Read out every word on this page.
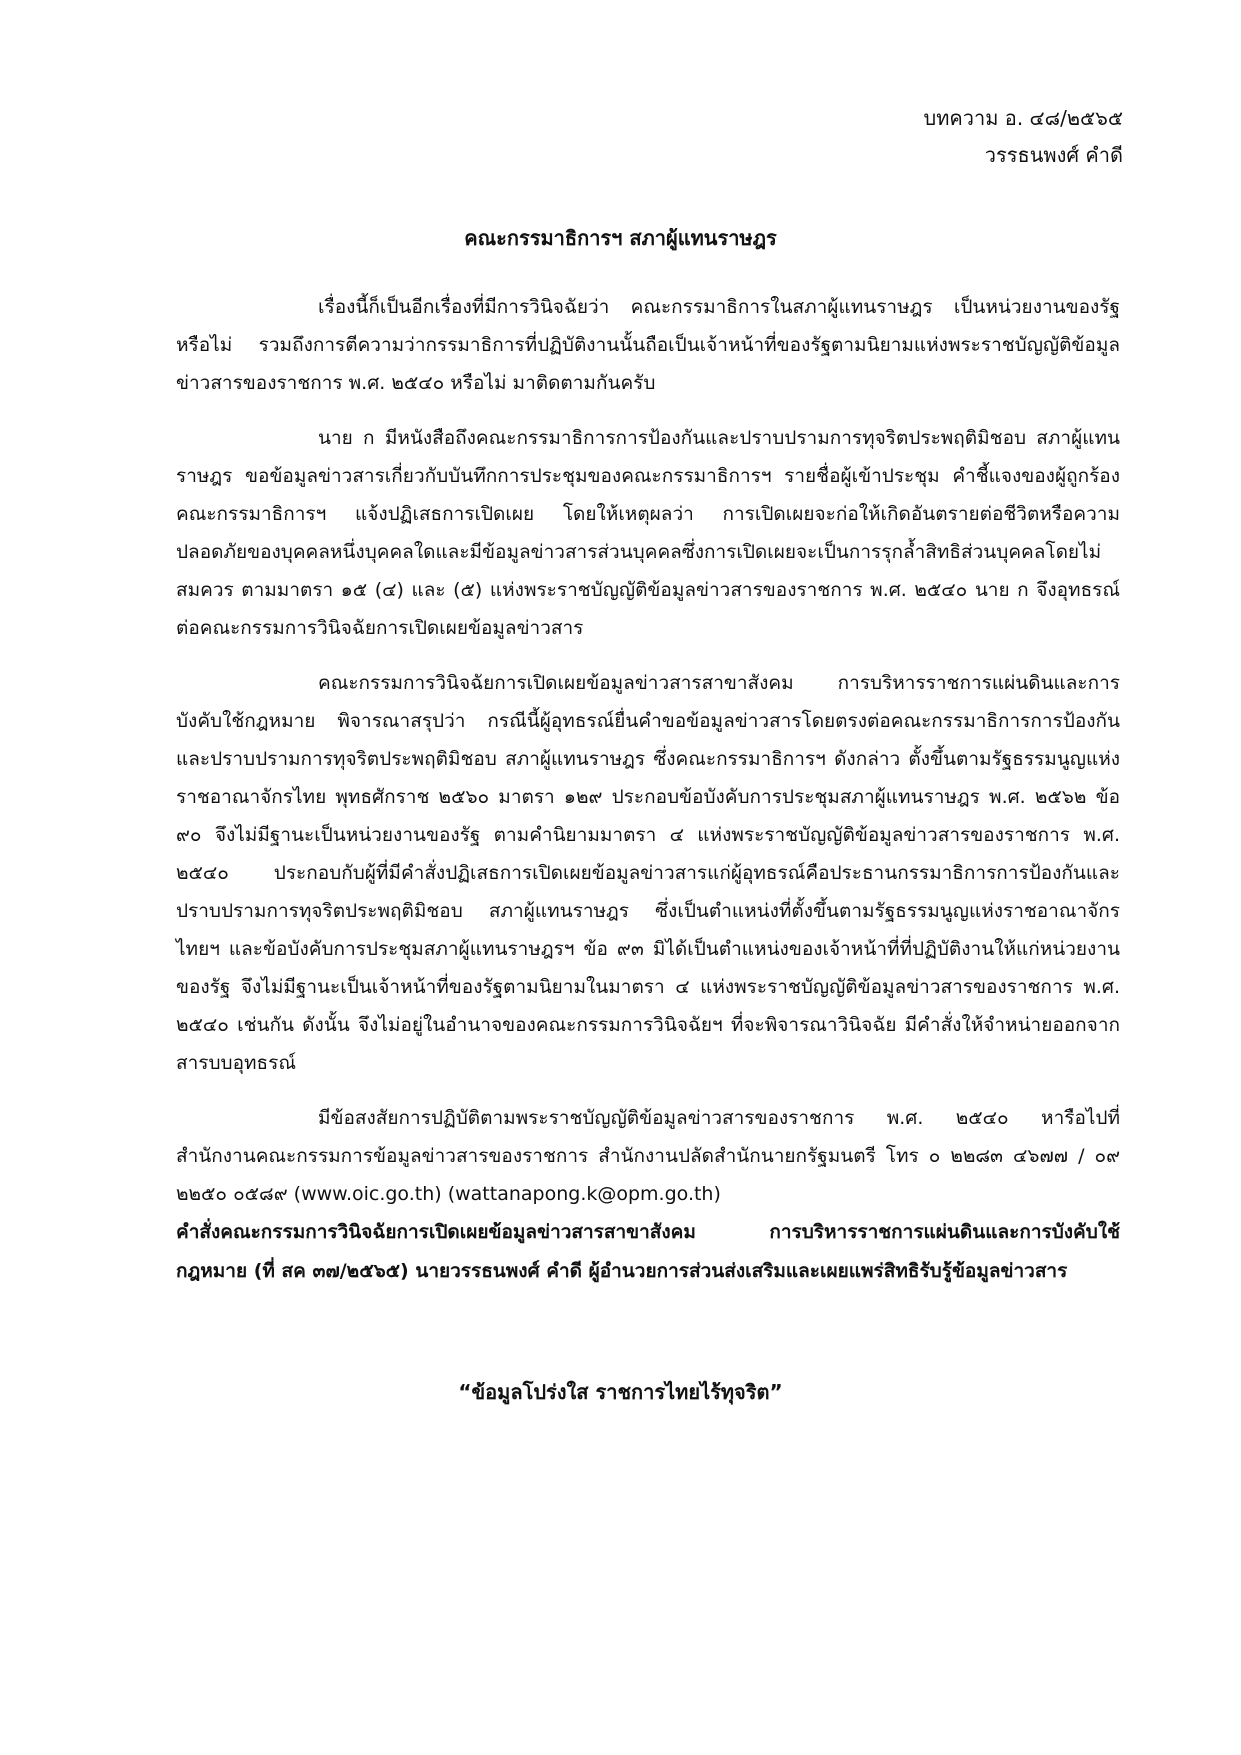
บทความ อ. ๔๘/๒๕๖๕
วรรธนพงศ์ คำดี
คณะกรรมาธิการฯ สภาผู้แทนราษฎร

เรื่องนี้ก็เป็นอีกเรื่องที่มีการวินิจฉัยว่า คณะกรรมาธิการในสภาผู้แทนราษฎร เป็นหน่วยงานของรัฐหรือไม่ รวมถึงการตีความว่ากรรมาธิการที่ปฏิบัติงานนั้นถือเป็นเจ้าหน้าที่ของรัฐตามนิยามแห่งพระราชบัญญัติข้อมูลข่าวสารของราชการ พ.ศ. ๒๕๔๐ หรือไม่ มาติดตามกันครับ

นาย ก มีหนังสือถึงคณะกรรมาธิการการป้องกันและปราบปรามการทุจริตประพฤติมิชอบ สภาผู้แทนราษฎร ขอข้อมูลข่าวสารเกี่ยวกับบันทึกการประชุมของคณะกรรมาธิการฯ รายชื่อผู้เข้าประชุม คำชี้แจงของผู้ถูกร้อง คณะกรรมาธิการฯ แจ้งปฏิเสธการเปิดเผย โดยให้เหตุผลว่า การเปิดเผยจะก่อให้เกิดอันตรายต่อชีวิตหรือความปลอดภัยของบุคคลหนึ่งบุคคลใดและมีข้อมูลข่าวสารส่วนบุคคลซึ่งการเปิดเผยจะเป็นการรุกล้ำสิทธิส่วนบุคคลโดยไม่สมควร ตามมาตรา ๑๕ (๔) และ (๕) แห่งพระราชบัญญัติข้อมูลข่าวสารของราชการ พ.ศ. ๒๕๔๐ นาย ก จึงอุทธรณ์ต่อคณะกรรมการวินิจฉัยการเปิดเผยข้อมูลข่าวสาร

คณะกรรมการวินิจฉัยการเปิดเผยข้อมูลข่าวสารสาขาสังคม การบริหารราชการแผ่นดินและการบังคับใช้กฎหมาย พิจารณาสรุปว่า กรณีนี้ผู้อุทธรณ์ยื่นคำขอข้อมูลข่าวสารโดยตรงต่อคณะกรรมาธิการการป้องกันและปราบปรามการทุจริตประพฤติมิชอบ สภาผู้แทนราษฎร ซึ่งคณะกรรมาธิการฯ ดังกล่าว ตั้งขึ้นตามรัฐธรรมนูญแห่งราชอาณาจักรไทย พุทธศักราช ๒๕๖๐ มาตรา ๑๒๙ ประกอบข้อบังคับการประชุมสภาผู้แทนราษฎร พ.ศ. ๒๕๖๒ ข้อ ๙๐ จึงไม่มีฐานะเป็นหน่วยงานของรัฐ ตามคำนิยามมาตรา ๔ แห่งพระราชบัญญัติข้อมูลข่าวสารของราชการ พ.ศ. ๒๕๔๐ ประกอบกับผู้ที่มีคำสั่งปฏิเสธการเปิดเผยข้อมูลข่าวสารแก่ผู้อุทธรณ์คือประธานกรรมาธิการการป้องกันและปราบปรามการทุจริตประพฤติมิชอบ สภาผู้แทนราษฎร ซึ่งเป็นตำแหน่งที่ตั้งขึ้นตามรัฐธรรมนูญแห่งราชอาณาจักรไทยฯ และข้อบังคับการประชุมสภาผู้แทนราษฎรฯ ข้อ ๙๓ มิได้เป็นตำแหน่งของเจ้าหน้าที่ที่ปฏิบัติงานให้แก่หน่วยงานของรัฐ จึงไม่มีฐานะเป็นเจ้าหน้าที่ของรัฐตามนิยามในมาตรา ๔ แห่งพระราชบัญญัติข้อมูลข่าวสารของราชการ พ.ศ. ๒๕๔๐ เช่นกัน ดังนั้น จึงไม่อยู่ในอำนาจของคณะกรรมการวินิจฉัยฯ ที่จะพิจารณาวินิจฉัย มีคำสั่งให้จำหน่ายออกจากสารบบอุทธรณ์

มีข้อสงสัยการปฏิบัติตามพระราชบัญญัติข้อมูลข่าวสารของราชการ พ.ศ. ๒๕๔๐ หารือไปที่สำนักงานคณะกรรมการข้อมูลข่าวสารของราชการ สำนักงานปลัดสำนักนายกรัฐมนตรี โทร ๐ ๒๒๘๓ ๔๖๗๗ / ๐๙ ๒๒๕๐ ๐๕๘๙ (www.oic.go.th) (wattanapong.k@opm.go.th)

คำสั่งคณะกรรมการวินิจฉัยการเปิดเผยข้อมูลข่าวสารสาขาสังคม การบริหารราชการแผ่นดินและการบังคับใช้กฎหมาย (ที่ สค ๓๗/๒๕๖๕) นายวรรธนพงศ์ คำดี ผู้อำนวยการส่วนส่งเสริมและเผยแพร่สิทธิรับรู้ข้อมูลข่าวสาร

“ข้อมูลโปร่งใส ราชการไทยไร้ทุจริต”
